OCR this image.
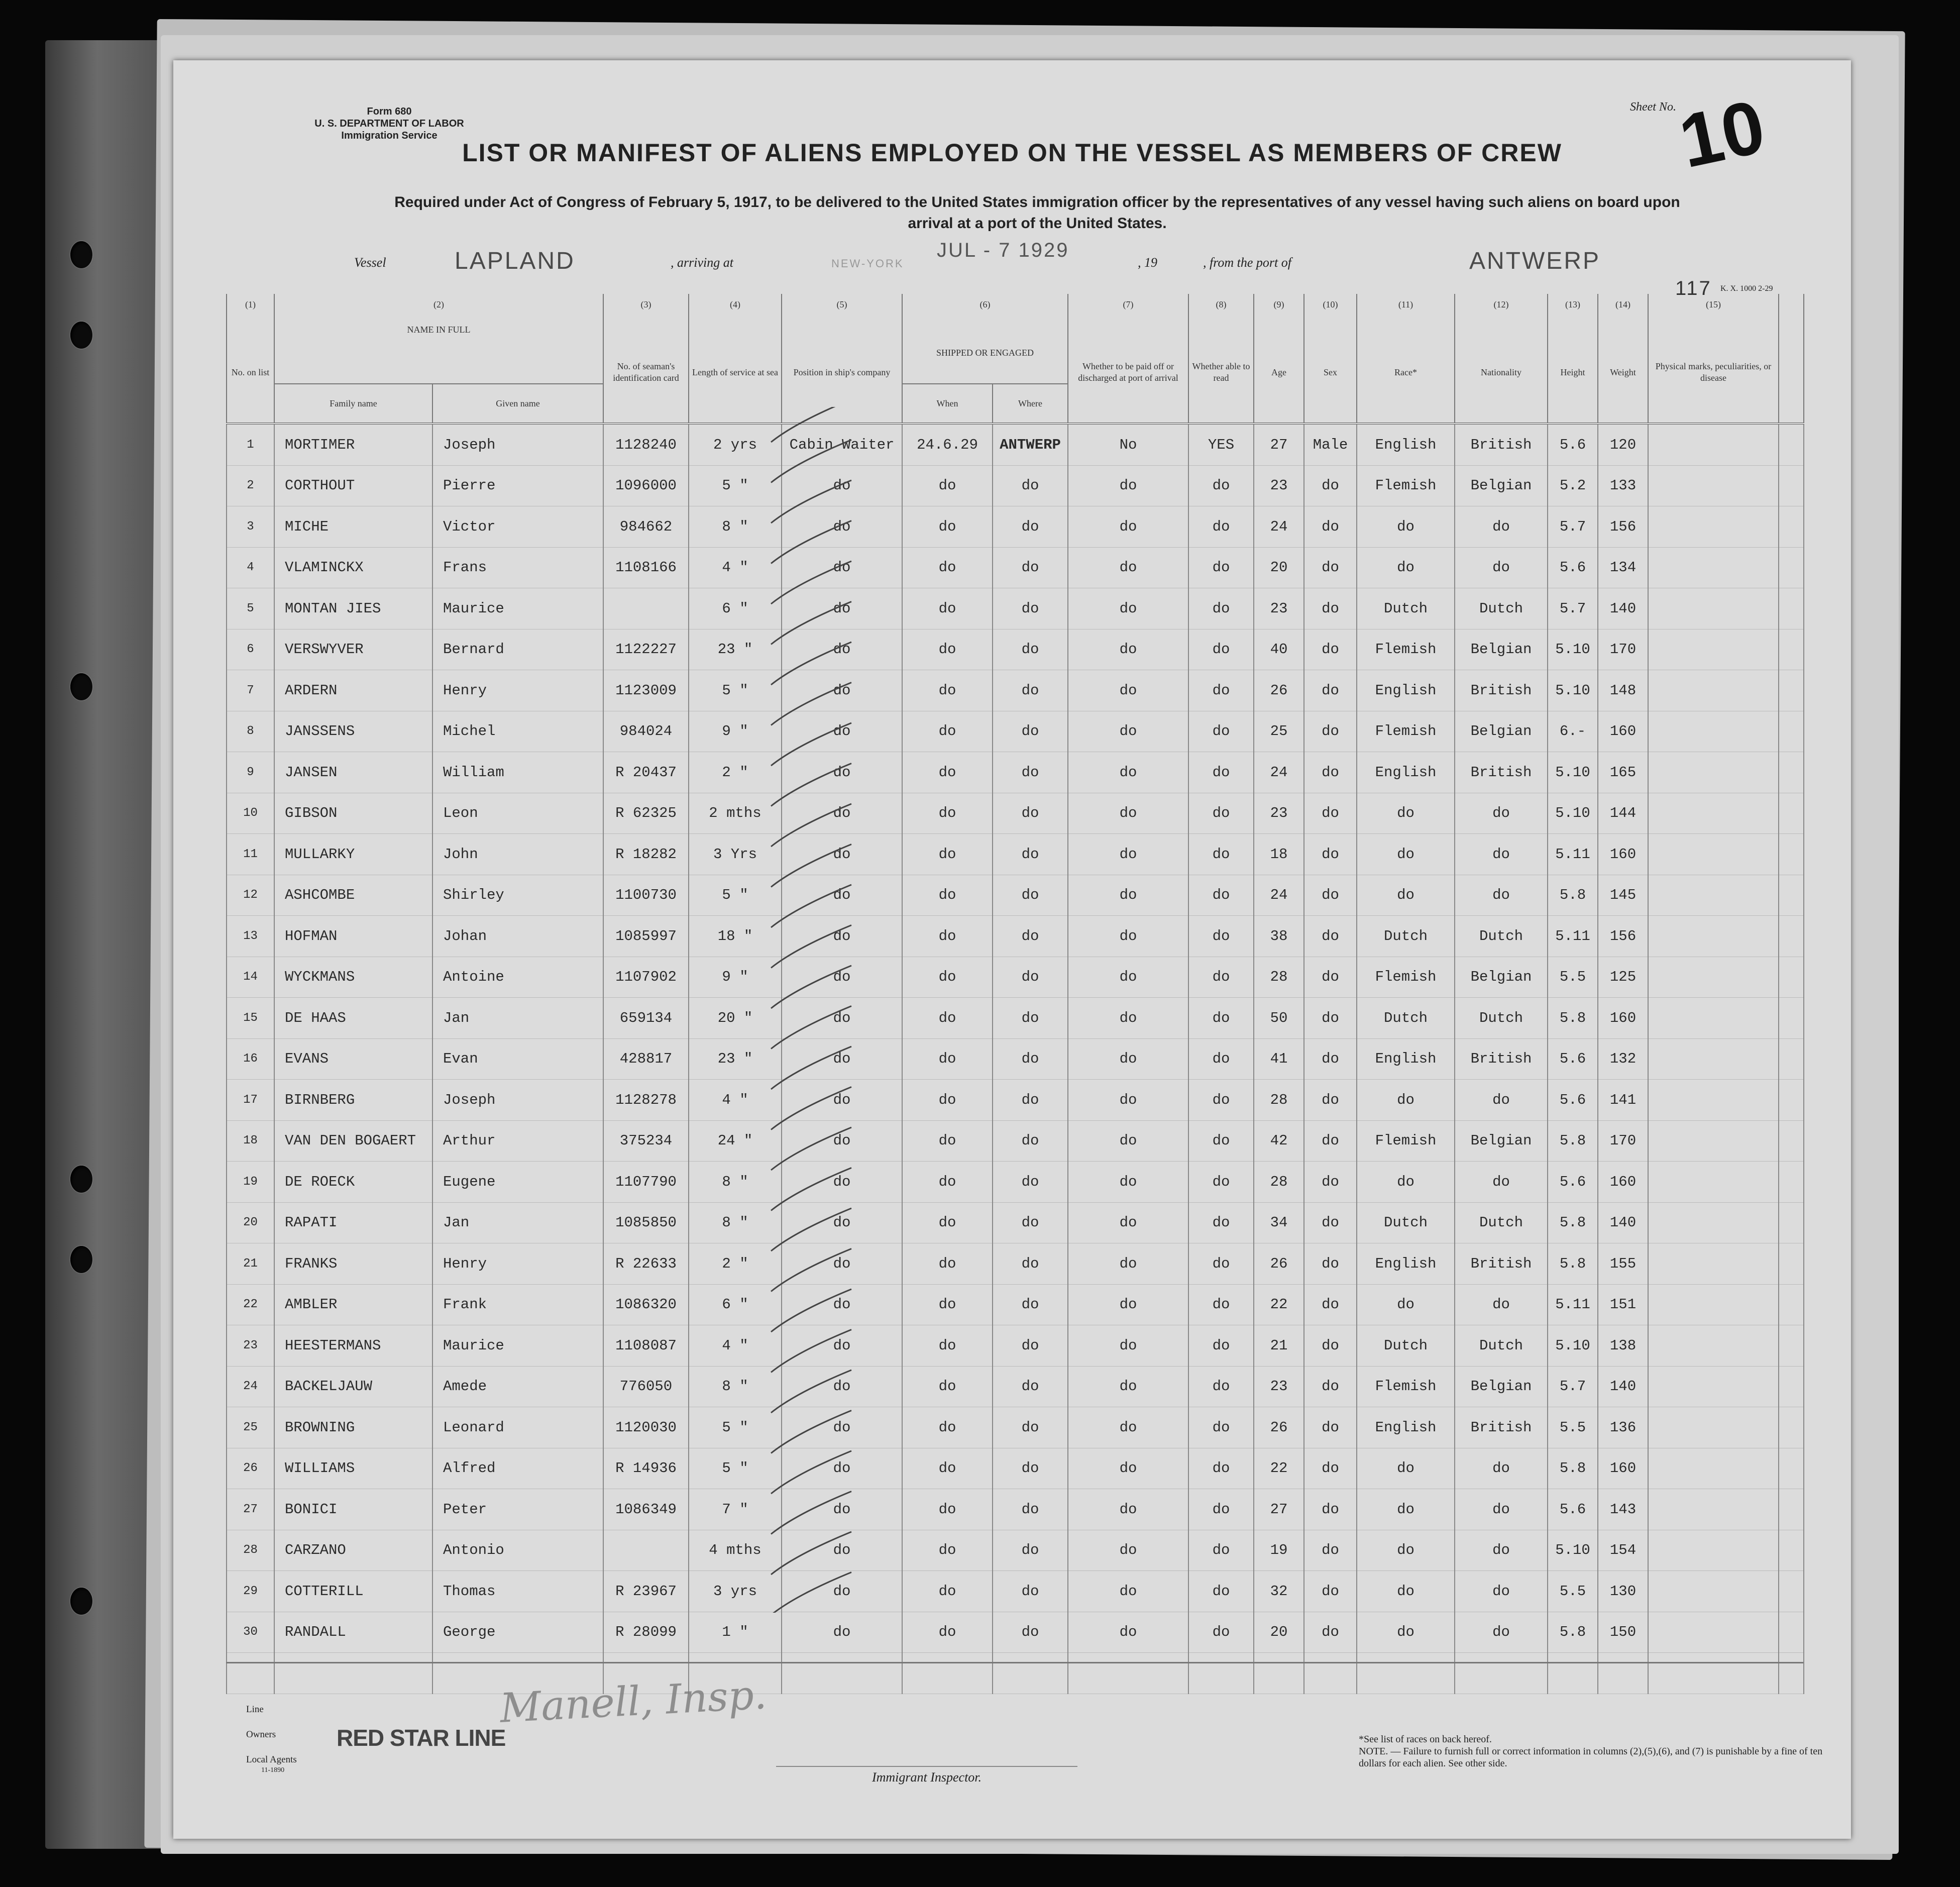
Form 680
U. S. DEPARTMENT OF LABOR
Immigration Service
Sheet No.
10
LIST OR MANIFEST OF ALIENS EMPLOYED ON THE VESSEL AS MEMBERS OF CREW
Required under Act of Congress of February 5, 1917, to be delivered to the United States immigration officer by the representatives of any vessel having such aliens on board upon
arrival at a port of the United States.
Vessel	LAPLAND	, arriving at	NEW-YORK
JUL - 7 1929
, 19	, from the port of	ANTWERP
117 K. X. 1000 2-29
(1)	(2)		(3)	(4)	(5)	(6)		(7)	(8)	(9)	(10)	(11)	(12)	(13)	(14)	(15)	
No. on list	NAME IN FULL		No. of seaman's identification card	Length of service at sea	Position in ship's company	SHIPPED OR ENGAGED		Whether to be paid off or discharged at port of arrival	Whether able to read	Age	Sex	Race*	Nationality	Height	Weight	Physical marks, peculiarities, or disease	
	Family name	Given name				When	Where										
1	MORTIMER	Joseph	1128240	2 yrs	Cabin Waiter	24.6.29	ANTWERP	No	YES	27	Male	English	British	5.6	120		
2	CORTHOUT	Pierre	1096000	5 "	do	do	do	do	do	23	do	Flemish	Belgian	5.2	133		
3	MICHE	Victor	984662	8 "	do	do	do	do	do	24	do	do	do	5.7	156		
4	VLAMINCKX	Frans	1108166	4 "	do	do	do	do	do	20	do	do	do	5.6	134		
5	MONTAN JIES	Maurice		6 "	do	do	do	do	do	23	do	Dutch	Dutch	5.7	140		
6	VERSWYVER	Bernard	1122227	23 "	do	do	do	do	do	40	do	Flemish	Belgian	5.10	170		
7	ARDERN	Henry	1123009	5 "	do	do	do	do	do	26	do	English	British	5.10	148		
8	JANSSENS	Michel	984024	9 "	do	do	do	do	do	25	do	Flemish	Belgian	6.-	160		
9	JANSEN	William	R 20437	2 "	do	do	do	do	do	24	do	English	British	5.10	165		
10	GIBSON	Leon	R 62325	2 mths	do	do	do	do	do	23	do	do	do	5.10	144		
11	MULLARKY	John	R 18282	3 Yrs	do	do	do	do	do	18	do	do	do	5.11	160		
12	ASHCOMBE	Shirley	1100730	5 "	do	do	do	do	do	24	do	do	do	5.8	145		
13	HOFMAN	Johan	1085997	18 "	do	do	do	do	do	38	do	Dutch	Dutch	5.11	156		
14	WYCKMANS	Antoine	1107902	9 "	do	do	do	do	do	28	do	Flemish	Belgian	5.5	125		
15	DE HAAS	Jan	659134	20 "	do	do	do	do	do	50	do	Dutch	Dutch	5.8	160		
16	EVANS	Evan	428817	23 "	do	do	do	do	do	41	do	English	British	5.6	132		
17	BIRNBERG	Joseph	1128278	4 "	do	do	do	do	do	28	do	do	do	5.6	141		
18	VAN DEN BOGAERT	Arthur	375234	24 "	do	do	do	do	do	42	do	Flemish	Belgian	5.8	170		
19	DE ROECK	Eugene	1107790	8 "	do	do	do	do	do	28	do	do	do	5.6	160		
20	RAPATI	Jan	1085850	8 "	do	do	do	do	do	34	do	Dutch	Dutch	5.8	140		
21	FRANKS	Henry	R 22633	2 "	do	do	do	do	do	26	do	English	British	5.8	155		
22	AMBLER	Frank	1086320	6 "	do	do	do	do	do	22	do	do	do	5.11	151		
23	HEESTERMANS	Maurice	1108087	4 "	do	do	do	do	do	21	do	Dutch	Dutch	5.10	138		
24	BACKELJAUW	Amede	776050	8 "	do	do	do	do	do	23	do	Flemish	Belgian	5.7	140		
25	BROWNING	Leonard	1120030	5 "	do	do	do	do	do	26	do	English	British	5.5	136		
26	WILLIAMS	Alfred	R 14936	5 "	do	do	do	do	do	22	do	do	do	5.8	160		
27	BONICI	Peter	1086349	7 "	do	do	do	do	do	27	do	do	do	5.6	143		
28	CARZANO	Antonio		4 mths	do	do	do	do	do	19	do	do	do	5.10	154		
29	COTTERILL	Thomas	R 23967	3 yrs	do	do	do	do	do	32	do	do	do	5.5	130		
30	RANDALL	George	R 28099	1 "	do	do	do	do	do	20	do	do	do	5.8	150		

Manell, Insp.
Line
Owners
Local Agents
11-1890
RED STAR LINE
Immigrant Inspector.
*See list of races on back hereof.
NOTE. — Failure to furnish full or correct information in columns (2),(5),(6), and (7) is punishable by a fine of ten dollars for each alien. See other side.
